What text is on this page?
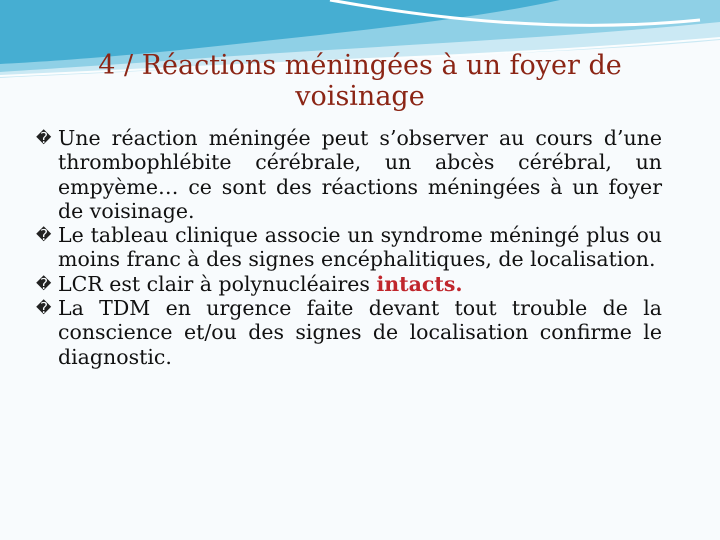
4 / Réactions méningées à un foyer de voisinage

� Une réaction méningée peut s’observer au cours d’une thrombophlébite cérébrale, un abcès cérébral, un empyème… ce sont des réactions méningées à un foyer de voisinage.

� Le tableau clinique associe un syndrome méningé plus ou moins franc à des signes encéphalitiques, de localisation.

� LCR est clair à polynucléaires intacts.

� La TDM en urgence faite devant tout trouble de la conscience et/ou des signes de localisation confirme le diagnostic.
